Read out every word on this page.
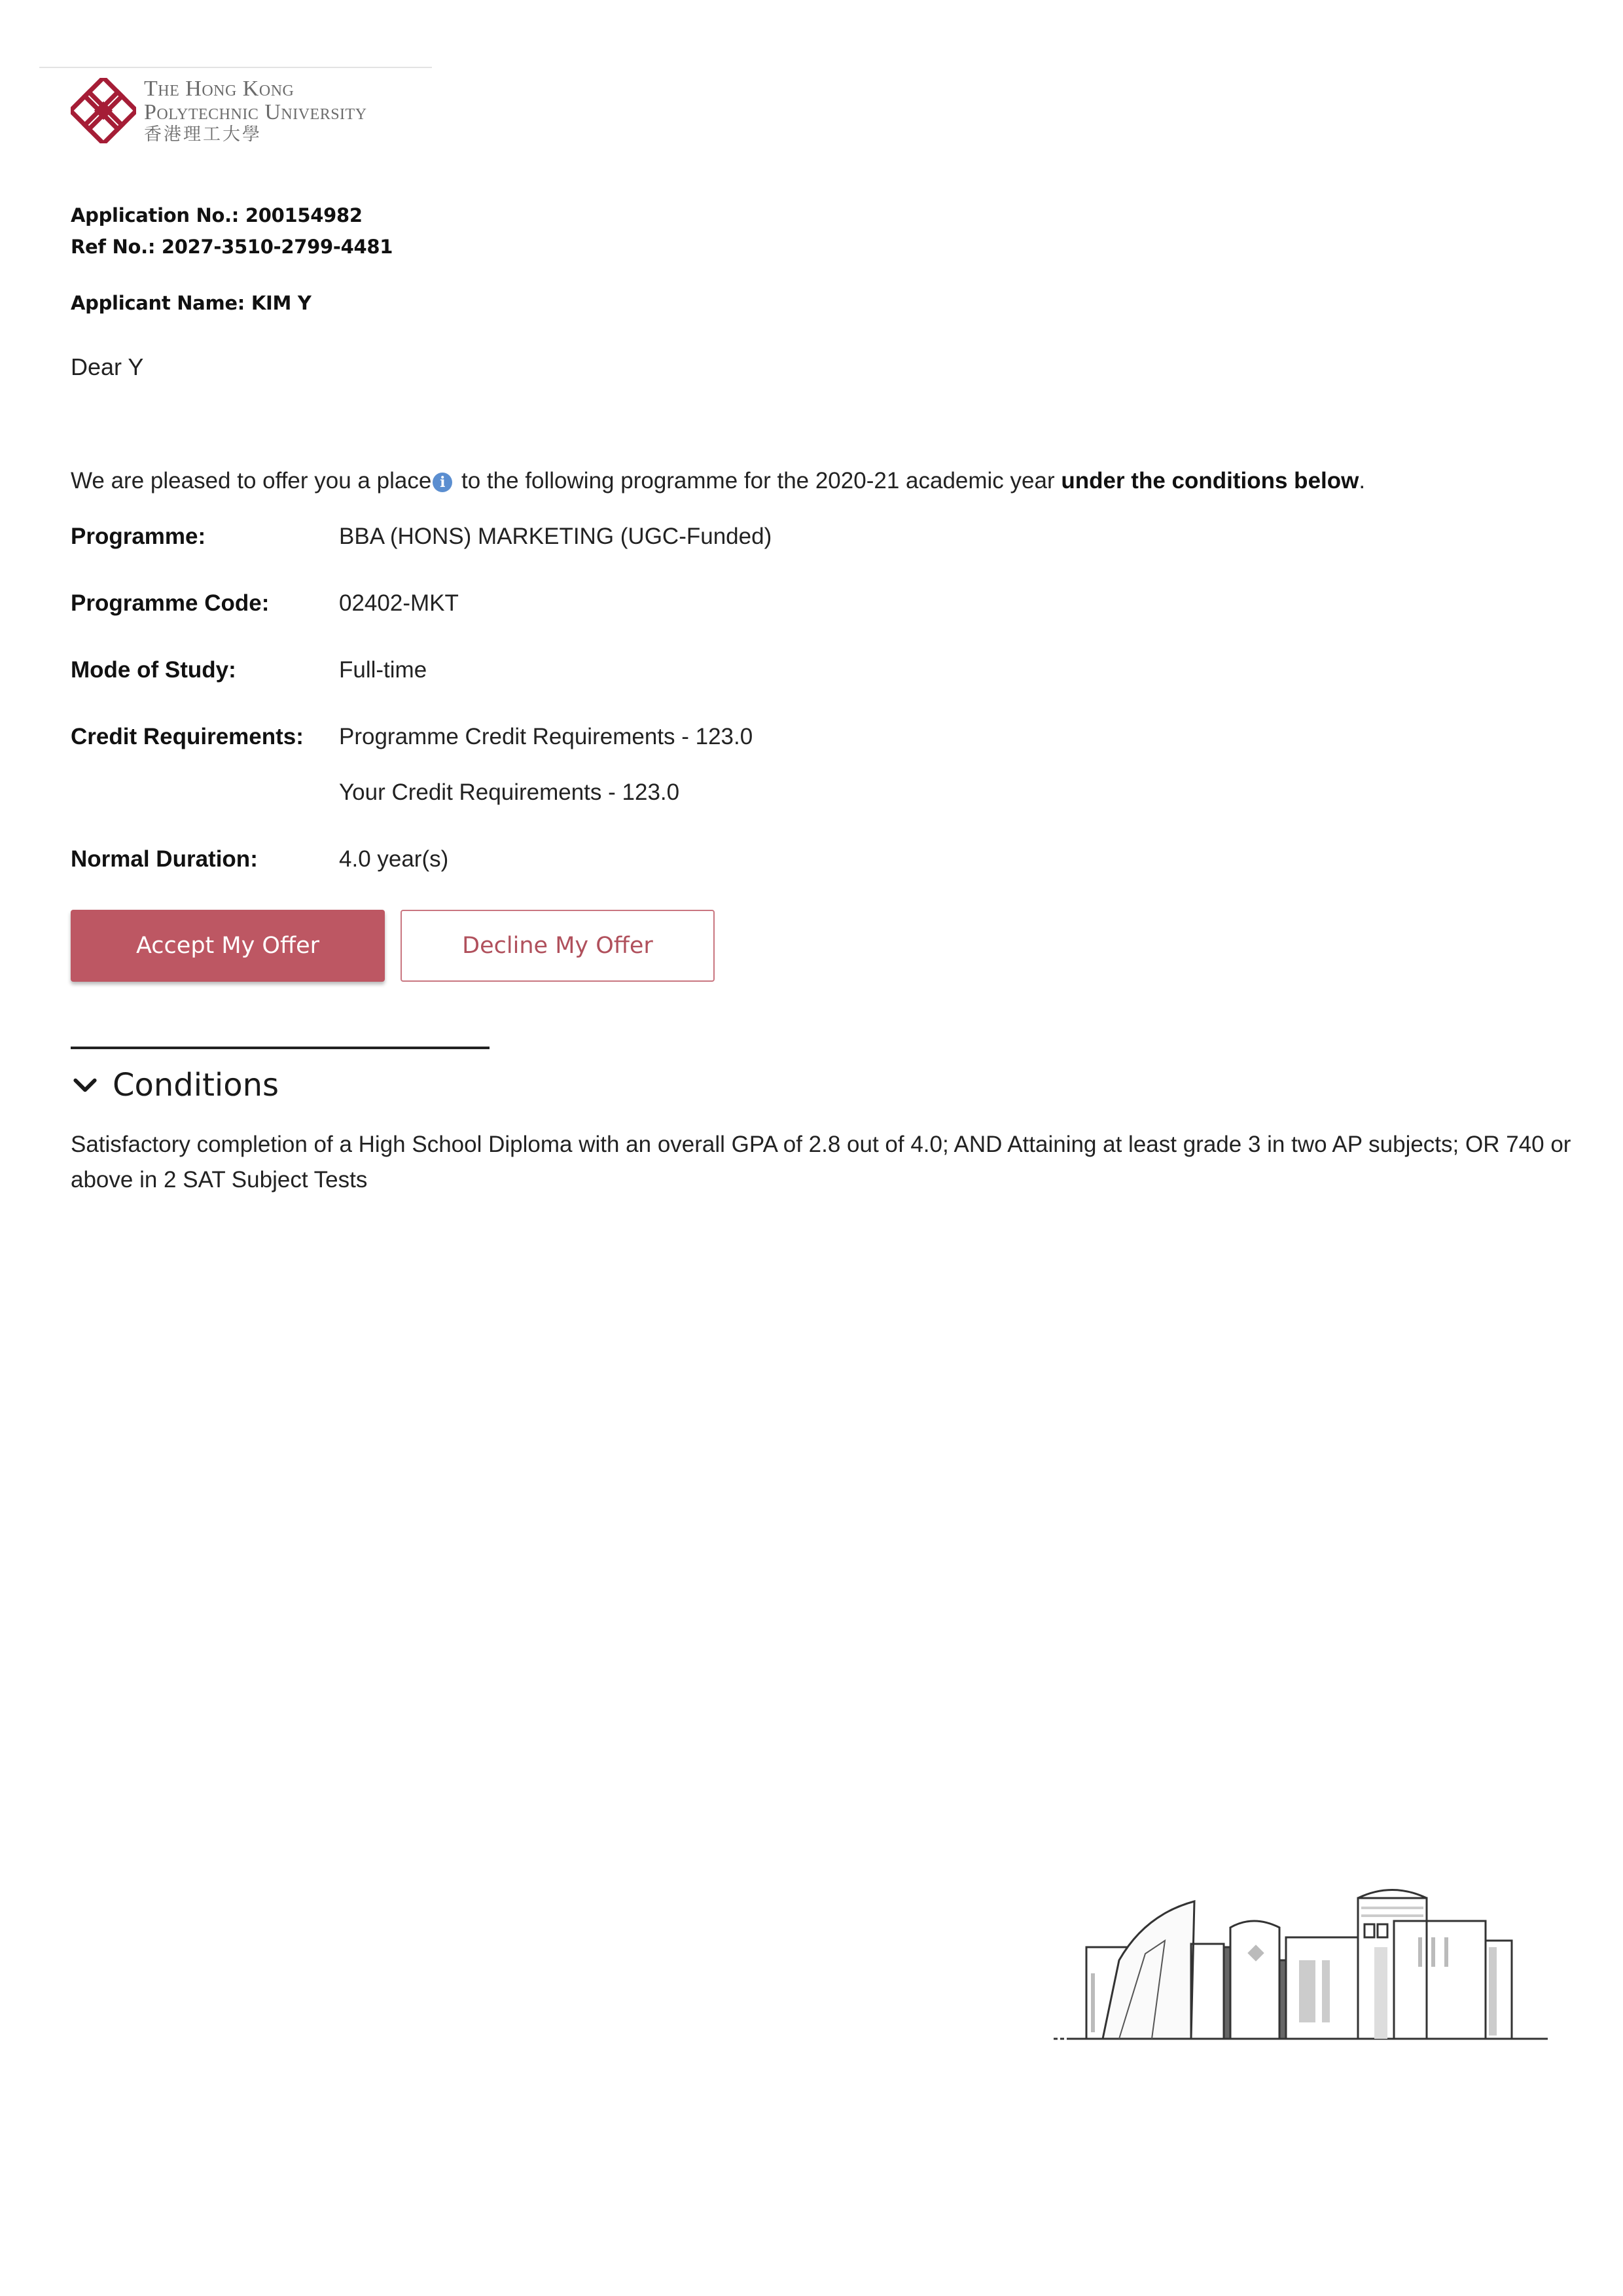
The Hong Kong
Polytechnic University
香港理工大學
Application No.: 200154982
Ref No.: 2027-3510-2799-4481
Applicant Name: KIM Y
Dear Y
We are pleased to offer you a place i to the following programme for the 2020-21 academic year under the conditions below.
Programme:	BBA (HONS) MARKETING (UGC-Funded)
Programme Code:	02402-MKT
Mode of Study:	Full-time
Credit Requirements: Programme Credit Requirements - 123.0
Your Credit Requirements - 123.0
Normal Duration:	4.0 year(s)
Accept My Offer	Decline My Offer
Conditions
Satisfactory completion of a High School Diploma with an overall GPA of 2.8 out of 4.0; AND Attaining at least grade 3 in two AP subjects; OR 740 or above in 2 SAT Subject Tests
